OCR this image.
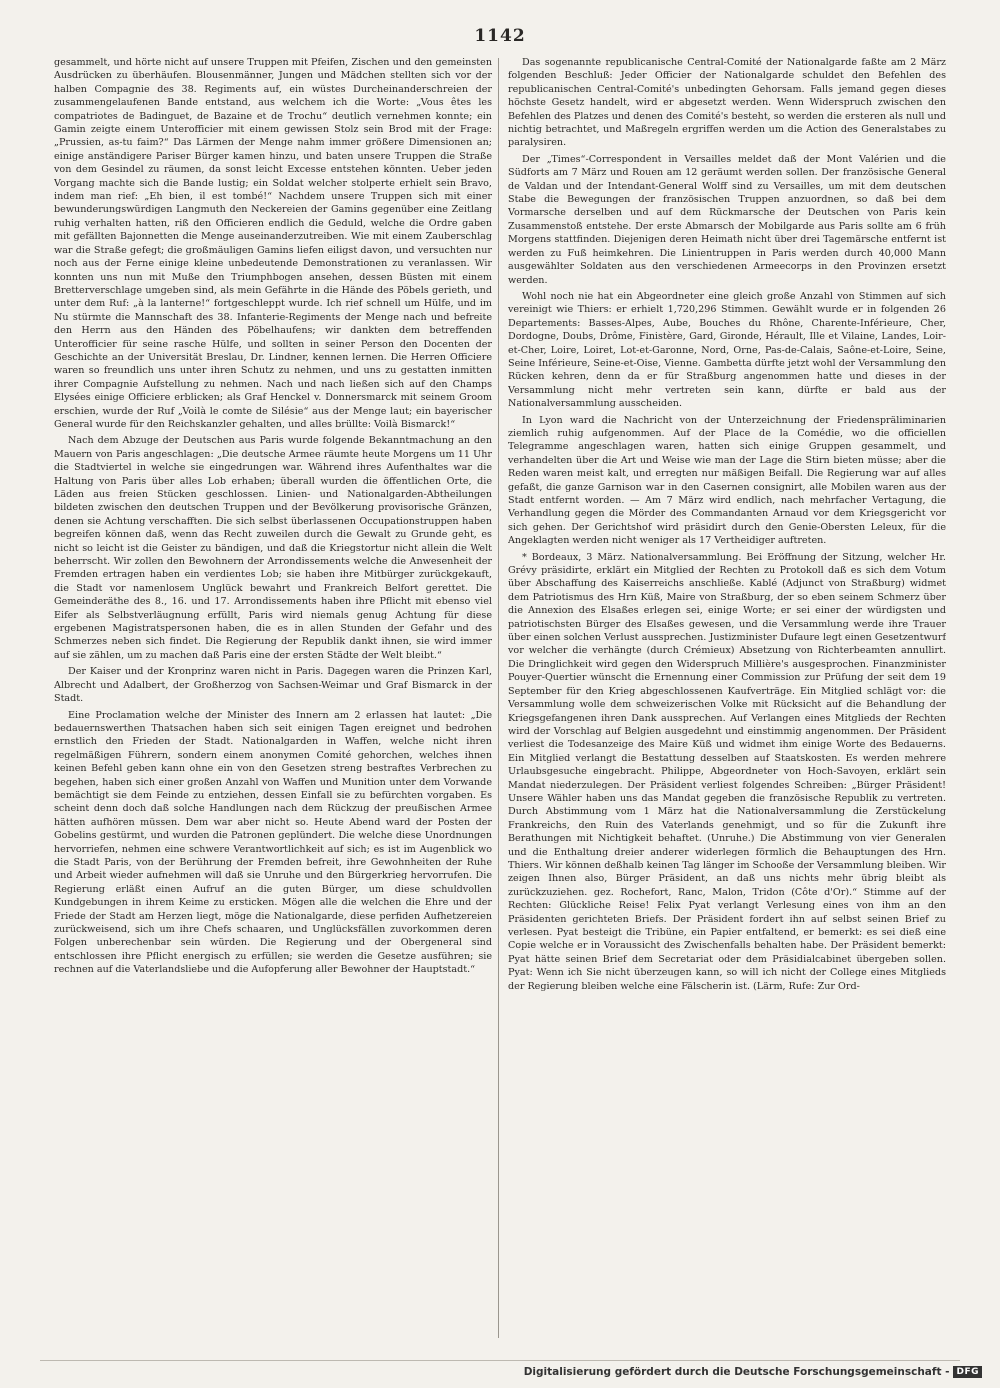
1142

gesammelt, und hörte nicht auf unsere Truppen mit Pfeifen, Zischen und den gemeinsten Ausdrücken zu überhäufen. Blousenmänner, Jungen und Mädchen stellten sich vor der halben Compagnie des 38. Regiments auf, ein wüstes Durcheinanderschreien der zusammengelaufenen Bande entstand, aus welchem ich die Worte: „Vous êtes les compatriotes de Badinguet, de Bazaine et de Trochu“ deutlich vernehmen konnte; ein Gamin zeigte einem Unterofficier mit einem gewissen Stolz sein Brod mit der Frage: „Prussien, as-tu faim?“ Das Lärmen der Menge nahm immer größere Dimensionen an; einige anständigere Pariser Bürger kamen hinzu, und baten unsere Truppen die Straße von dem Gesindel zu räumen, da sonst leicht Excesse entstehen könnten. Ueber jeden Vorgang machte sich die Bande lustig; ein Soldat welcher stolperte erhielt sein Bravo, indem man rief: „Eh bien, il est tombé!“ Nachdem unsere Truppen sich mit einer bewunderungswürdigen Langmuth den Neckereien der Gamins gegenüber eine Zeitlang ruhig verhalten hatten, riß den Officieren endlich die Geduld, welche die Ordre gaben mit gefällten Bajonnetten die Menge auseinanderzutreiben. Wie mit einem Zauberschlag war die Straße gefegt; die großmäuligen Gamins liefen eiligst davon, und versuchten nur noch aus der Ferne einige kleine unbedeutende Demonstrationen zu veranlassen. Wir konnten uns nun mit Muße den Triumphbogen ansehen, dessen Büsten mit einem Bretterverschlage umgeben sind, als mein Gefährte in die Hände des Pöbels gerieth, und unter dem Ruf: „à la lanterne!“ fortgeschleppt wurde. Ich rief schnell um Hülfe, und im Nu stürmte die Mannschaft des 38. Infanterie-Regiments der Menge nach und befreite den Herrn aus den Händen des Pöbelhaufens; wir dankten dem betreffenden Unterofficier für seine rasche Hülfe, und sollten in seiner Person den Docenten der Geschichte an der Universität Breslau, Dr. Lindner, kennen lernen. Die Herren Officiere waren so freundlich uns unter ihren Schutz zu nehmen, und uns zu gestatten inmitten ihrer Compagnie Aufstellung zu nehmen. Nach und nach ließen sich auf den Champs Elysées einige Officiere erblicken; als Graf Henckel v. Donnersmarck mit seinem Groom erschien, wurde der Ruf „Voilà le comte de Silésie“ aus der Menge laut; ein bayerischer General wurde für den Reichskanzler gehalten, und alles brüllte: Voilà Bismarck!“

Nach dem Abzuge der Deutschen aus Paris wurde folgende Bekanntmachung an den Mauern von Paris angeschlagen: „Die deutsche Armee räumte heute Morgens um 11 Uhr die Stadtviertel in welche sie eingedrungen war. Während ihres Aufenthaltes war die Haltung von Paris über alles Lob erhaben; überall wurden die öffentlichen Orte, die Läden aus freien Stücken geschlossen. Linien- und Nationalgarden-Abtheilungen bildeten zwischen den deutschen Truppen und der Bevölkerung provisorische Gränzen, denen sie Achtung verschafften. Die sich selbst überlassenen Occupationstruppen haben begreifen können daß, wenn das Recht zuweilen durch die Gewalt zu Grunde geht, es nicht so leicht ist die Geister zu bändigen, und daß die Kriegstortur nicht allein die Welt beherrscht. Wir zollen den Bewohnern der Arrondissements welche die Anwesenheit der Fremden ertragen haben ein verdientes Lob; sie haben ihre Mitbürger zurückgekauft, die Stadt vor namenlosem Unglück bewahrt und Frankreich Belfort gerettet. Die Gemeinderäthe des 8., 16. und 17. Arrondissements haben ihre Pflicht mit ebenso viel Eifer als Selbstverläugnung erfüllt, Paris wird niemals genug Achtung für diese ergebenen Magistratspersonen haben, die es in allen Stunden der Gefahr und des Schmerzes neben sich findet. Die Regierung der Republik dankt ihnen, sie wird immer auf sie zählen, um zu machen daß Paris eine der ersten Städte der Welt bleibt.“

Der Kaiser und der Kronprinz waren nicht in Paris. Dagegen waren die Prinzen Karl, Albrecht und Adalbert, der Großherzog von Sachsen-Weimar und Graf Bismarck in der Stadt.

Eine Proclamation welche der Minister des Innern am 2 erlassen hat lautet: „Die bedauernswerthen Thatsachen haben sich seit einigen Tagen ereignet und bedrohen ernstlich den Frieden der Stadt. Nationalgarden in Waffen, welche nicht ihren regelmäßigen Führern, sondern einem anonymen Comité gehorchen, welches ihnen keinen Befehl geben kann ohne ein von den Gesetzen streng bestraftes Verbrechen zu begehen, haben sich einer großen Anzahl von Waffen und Munition unter dem Vorwande bemächtigt sie dem Feinde zu entziehen, dessen Einfall sie zu befürchten vorgaben. Es scheint denn doch daß solche Handlungen nach dem Rückzug der preußischen Armee hätten aufhören müssen. Dem war aber nicht so. Heute Abend ward der Posten der Gobelins gestürmt, und wurden die Patronen geplündert. Die welche diese Unordnungen hervorriefen, nehmen eine schwere Verantwortlichkeit auf sich; es ist im Augenblick wo die Stadt Paris, von der Berührung der Fremden befreit, ihre Gewohnheiten der Ruhe und Arbeit wieder aufnehmen will daß sie Unruhe und den Bürgerkrieg hervorrufen. Die Regierung erläßt einen Aufruf an die guten Bürger, um diese schuldvollen Kundgebungen in ihrem Keime zu ersticken. Mögen alle die welchen die Ehre und der Friede der Stadt am Herzen liegt, möge die Nationalgarde, diese perfiden Aufhetzereien zurückweisend, sich um ihre Chefs schaaren, und Unglücksfällen zuvorkommen deren Folgen unberechenbar sein würden. Die Regierung und der Obergeneral sind entschlossen ihre Pflicht energisch zu erfüllen; sie werden die Gesetze ausführen; sie rechnen auf die Vaterlandsliebe und die Aufopferung aller Bewohner der Hauptstadt.“

Das sogenannte republicanische Central-Comité der Nationalgarde faßte am 2 März folgenden Beschluß: Jeder Officier der Nationalgarde schuldet den Befehlen des republicanischen Central-Comité's unbedingten Gehorsam. Falls jemand gegen dieses höchste Gesetz handelt, wird er abgesetzt werden. Wenn Widerspruch zwischen den Befehlen des Platzes und denen des Comité's besteht, so werden die ersteren als null und nichtig betrachtet, und Maßregeln ergriffen werden um die Action des Generalstabes zu paralysiren.

Der „Times“-Correspondent in Versailles meldet daß der Mont Valérien und die Südforts am 7 März und Rouen am 12 geräumt werden sollen. Der französische General de Valdan und der Intendant-General Wolff sind zu Versailles, um mit dem deutschen Stabe die Bewegungen der französischen Truppen anzuordnen, so daß bei dem Vormarsche derselben und auf dem Rückmarsche der Deutschen von Paris kein Zusammenstoß entstehe. Der erste Abmarsch der Mobilgarde aus Paris sollte am 6 früh Morgens stattfinden. Diejenigen deren Heimath nicht über drei Tagemärsche entfernt ist werden zu Fuß heimkehren. Die Linientruppen in Paris werden durch 40,000 Mann ausgewählter Soldaten aus den verschiedenen Armeecorps in den Provinzen ersetzt werden.

Wohl noch nie hat ein Abgeordneter eine gleich große Anzahl von Stimmen auf sich vereinigt wie Thiers: er erhielt 1,720,296 Stimmen. Gewählt wurde er in folgenden 26 Departements: Basses-Alpes, Aube, Bouches du Rhône, Charente-Inférieure, Cher, Dordogne, Doubs, Drôme, Finistère, Gard, Gironde, Hérault, Ille et Vilaine, Landes, Loir-et-Cher, Loire, Loiret, Lot-et-Garonne, Nord, Orne, Pas-de-Calais, Saône-et-Loire, Seine, Seine Inférieure, Seine-et-Oise, Vienne. Gambetta dürfte jetzt wohl der Versammlung den Rücken kehren, denn da er für Straßburg angenommen hatte und dieses in der Versammlung nicht mehr vertreten sein kann, dürfte er bald aus der Nationalversammlung ausscheiden.

In Lyon ward die Nachricht von der Unterzeichnung der Friedenspräliminarien ziemlich ruhig aufgenommen. Auf der Place de la Comédie, wo die officiellen Telegramme angeschlagen waren, hatten sich einige Gruppen gesammelt, und verhandelten über die Art und Weise wie man der Lage die Stirn bieten müsse; aber die Reden waren meist kalt, und erregten nur mäßigen Beifall. Die Regierung war auf alles gefaßt, die ganze Garnison war in den Casernen consignirt, alle Mobilen waren aus der Stadt entfernt worden. — Am 7 März wird endlich, nach mehrfacher Vertagung, die Verhandlung gegen die Mörder des Commandanten Arnaud vor dem Kriegsgericht vor sich gehen. Der Gerichtshof wird präsidirt durch den Genie-Obersten Leleux, für die Angeklagten werden nicht weniger als 17 Vertheidiger auftreten.

* Bordeaux, 3 März. Nationalversammlung. Bei Eröffnung der Sitzung, welcher Hr. Grévy präsidirte, erklärt ein Mitglied der Rechten zu Protokoll daß es sich dem Votum über Abschaffung des Kaiserreichs anschließe. Kablé (Adjunct von Straßburg) widmet dem Patriotismus des Hrn Küß, Maire von Straßburg, der so eben seinem Schmerz über die Annexion des Elsaßes erlegen sei, einige Worte; er sei einer der würdigsten und patriotischsten Bürger des Elsaßes gewesen, und die Versammlung werde ihre Trauer über einen solchen Verlust aussprechen. Justizminister Dufaure legt einen Gesetzentwurf vor welcher die verhängte (durch Crémieux) Absetzung von Richterbeamten annullirt. Die Dringlichkeit wird gegen den Widerspruch Millière's ausgesprochen. Finanzminister Pouyer-Quertier wünscht die Ernennung einer Commission zur Prüfung der seit dem 19 September für den Krieg abgeschlossenen Kaufverträge. Ein Mitglied schlägt vor: die Versammlung wolle dem schweizerischen Volke mit Rücksicht auf die Behandlung der Kriegsgefangenen ihren Dank aussprechen. Auf Verlangen eines Mitglieds der Rechten wird der Vorschlag auf Belgien ausgedehnt und einstimmig angenommen. Der Präsident verliest die Todesanzeige des Maire Küß und widmet ihm einige Worte des Bedauerns. Ein Mitglied verlangt die Bestattung desselben auf Staatskosten. Es werden mehrere Urlaubsgesuche eingebracht. Philippe, Abgeordneter von Hoch-Savoyen, erklärt sein Mandat niederzulegen. Der Präsident verliest folgendes Schreiben: „Bürger Präsident! Unsere Wähler haben uns das Mandat gegeben die französische Republik zu vertreten. Durch Abstimmung vom 1 März hat die Nationalversammlung die Zerstückelung Frankreichs, den Ruin des Vaterlands genehmigt, und so für die Zukunft ihre Berathungen mit Nichtigkeit behaftet. (Unruhe.) Die Abstimmung von vier Generalen und die Enthaltung dreier anderer widerlegen förmlich die Behauptungen des Hrn. Thiers. Wir können deßhalb keinen Tag länger im Schooße der Versammlung bleiben. Wir zeigen Ihnen also, Bürger Präsident, an daß uns nichts mehr übrig bleibt als zurückzuziehen. gez. Rochefort, Ranc, Malon, Tridon (Côte d'Or).“ Stimme auf der Rechten: Glückliche Reise! Felix Pyat verlangt Verlesung eines von ihm an den Präsidenten gerichteten Briefs. Der Präsident fordert ihn auf selbst seinen Brief zu verlesen. Pyat besteigt die Tribüne, ein Papier entfaltend, er bemerkt: es sei dieß eine Copie welche er in Voraussicht des Zwischenfalls behalten habe. Der Präsident bemerkt: Pyat hätte seinen Brief dem Secretariat oder dem Präsidialcabinet übergeben sollen. Pyat: Wenn ich Sie nicht überzeugen kann, so will ich nicht der College eines Mitglieds der Regierung bleiben welche eine Fälscherin ist. (Lärm, Rufe: Zur Ord-

Digitalisierung gefördert durch die Deutsche Forschungsgemeinschaft - DFG
